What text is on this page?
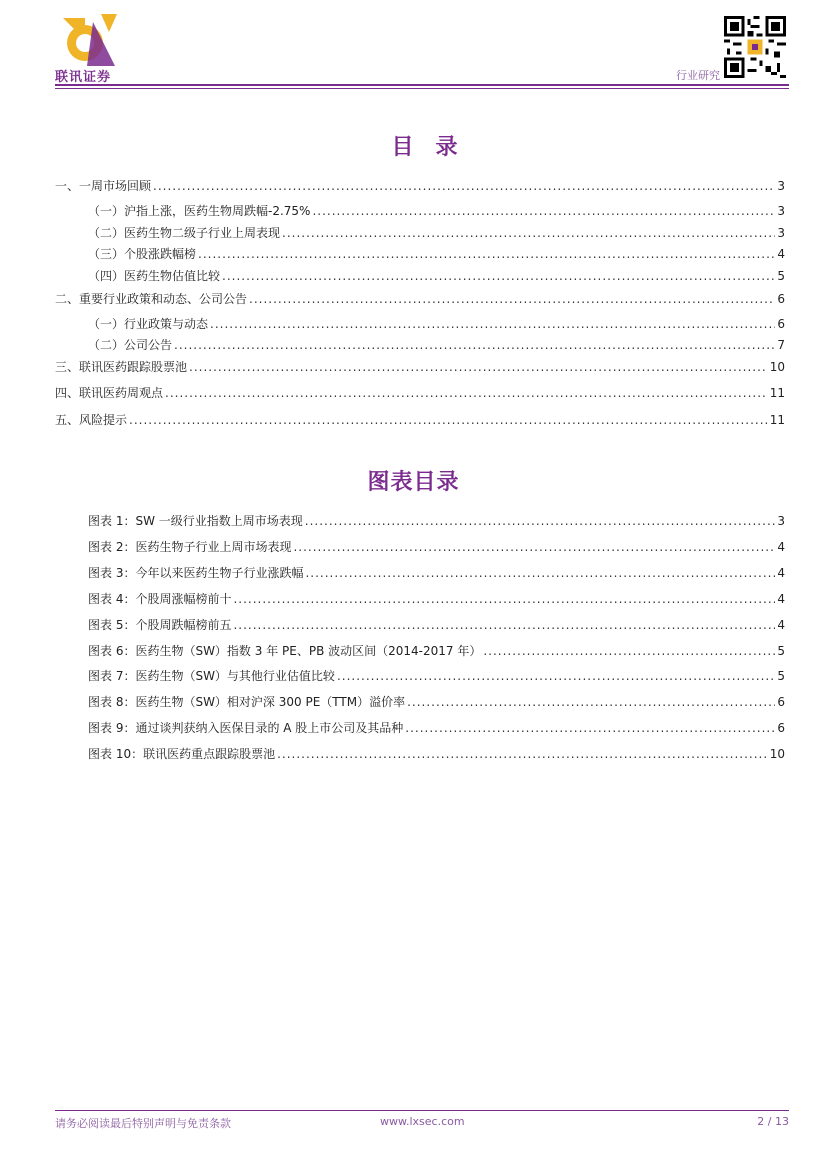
联讯证券	行业研究
目录
一、一周市场回顾 .....	3
（一）沪指上涨，医药生物周跌幅-2.75% .....	3
（二）医药生物二级子行业上周表现 .....	3
（三）个股涨跌幅榜 .....	4
（四）医药生物估值比较 .....	5
二、重要行业政策和动态、公司公告 .....	6
（一）行业政策与动态 .....	6
（二）公司公告 .....	7
三、联讯医药跟踪股票池 .....	10
四、联讯医药周观点 .....	11
五、风险提示 .....	11
图表目录
图表 1：SW 一级行业指数上周市场表现 .....	3
图表 2：医药生物子行业上周市场表现 .....	4
图表 3：今年以来医药生物子行业涨跌幅 .....	4
图表 4：个股周涨幅榜前十 .....	4
图表 5：个股周跌幅榜前五 .....	4
图表 6：医药生物（SW）指数 3 年 PE、PB 波动区间（2014-2017 年） .....	5
图表 7：医药生物（SW）与其他行业估值比较 .....	5
图表 8：医药生物（SW）相对沪深 300 PE（TTM）溢价率 .....	6
图表 9：通过谈判获纳入医保目录的 A 股上市公司及其品种 .....	6
图表 10：联讯医药重点跟踪股票池 .....	10
请务必阅读最后特别声明与免责条款	www.lxsec.com	2 / 13
